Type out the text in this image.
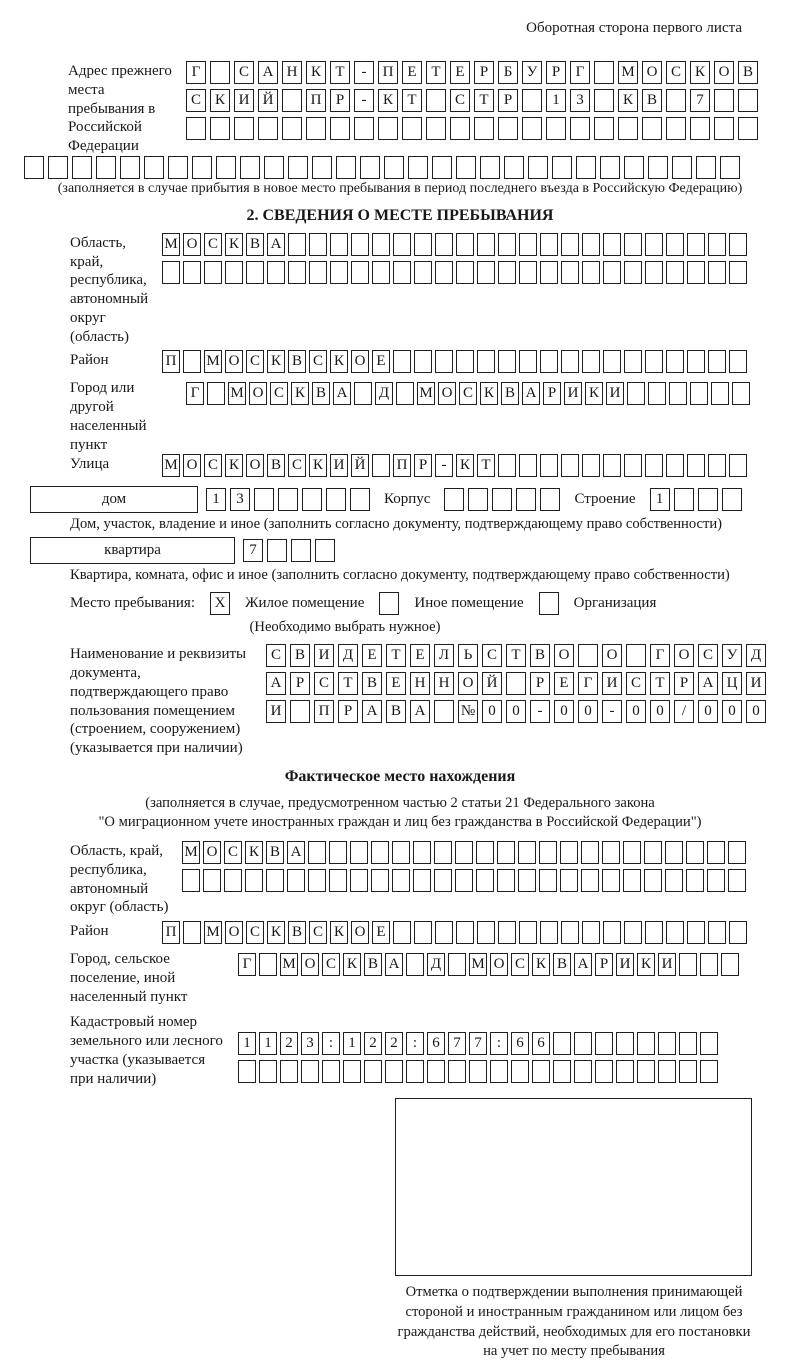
Оборотная сторона первого листа
Адрес прежнего места пребывания в Российской Федерации
Г	С А Н К Т	-	П Е Т Е	Р	Б У Р	Г	М О С К О В
С К И Й	П Р	-	К Т	С Т	Р	1	3	К В	7
(заполняется в случае прибытия в новое место пребывания в период последнего въезда в Российскую Федерацию)
2. СВЕДЕНИЯ О МЕСТЕ ПРЕБЫВАНИЯ
Область, край, республика, автономный округ (область)
М О С К В А
Район	П М О С К В С К О Е
Город или другой населенный пункт
Г	М О С К В А Д М О С К В А Р И К И
Улица	М О С К О В С К И Й П Р - К Т
дом	1	3	Корпус	Строение	1
Дом, участок, владение и иное (заполнить согласно документу, подтверждающему право собственности)
квартира	7
Квартира, комната, офис и иное (заполнить согласно документу, подтверждающему право собственности)
Место пребывания:	X	Жилое помещение	Иное помещение	Организация
(Необходимо выбрать нужное)
Наименование и реквизиты документа, подтверждающего право пользования помещением (строением, сооружением) (указывается при наличии)
С В И Д Е Т Е Л Ь С Т В О	О	Г О С У Д
А Р С Т В Е Н Н О Й	Р	Е	Г И С Т	Р А Ц И
И	П Р А В А	№ 0	0	-	0	0	-	0	0	/	0	0	0
Фактическое место нахождения
(заполняется в случае, предусмотренном частью 2 статьи 21 Федерального закона
"О миграционном учете иностранных граждан и лиц без гражданства в Российской Федерации")
Область, край, республика, автономный округ (область)
М О С К В А
Район	П М О С К В С К О Е
Город, сельское поселение, иной населенный пункт
Г	М О С К В А Д М О С К В А Р И К И
Кадастровый номер земельного или лесного участка (указывается при наличии)
1 1 2 3	:	1 2 2	:	6 7 7	:	6 6
Отметка о подтверждении выполнения принимающей стороной и иностранным гражданином или лицом без гражданства действий, необходимых для его постановки на учет по месту пребывания
